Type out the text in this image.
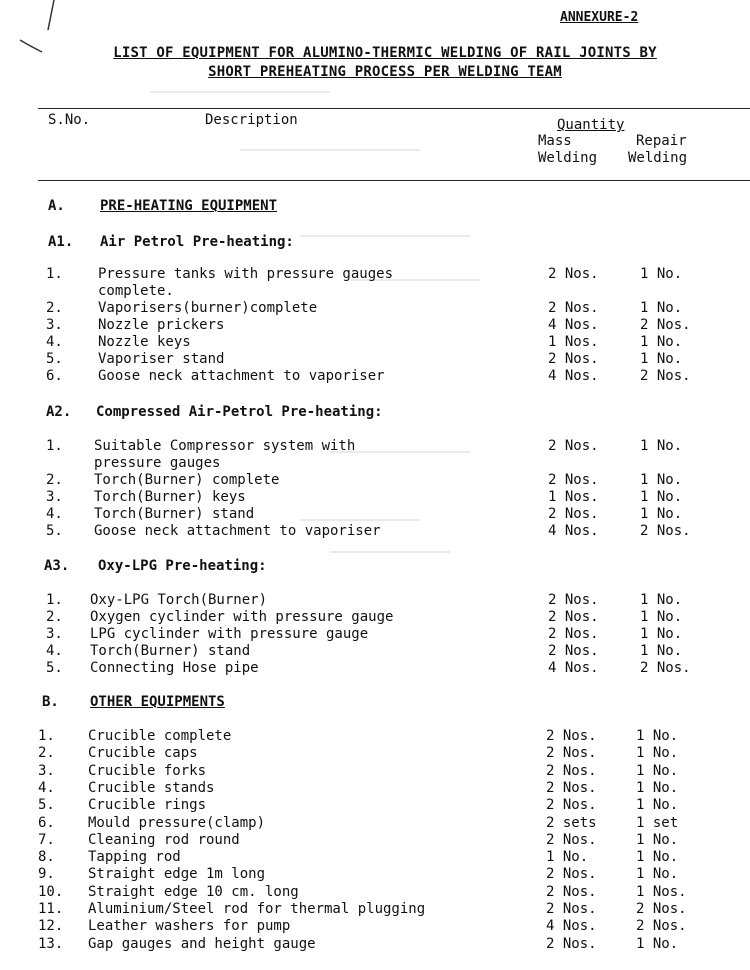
ANNEXURE-2
LIST OF EQUIPMENT FOR ALUMINO-THERMIC WELDING OF RAIL JOINTS BY
SHORT PREHEATING PROCESS PER WELDING TEAM
S.No.	Description	Quantity
Mass
Welding
Repair
Welding
A.	PRE-HEATING EQUIPMENT
A1. Air Petrol Pre-heating:
1.	Pressure tanks with pressure gauges	2 Nos.	1 No.
complete.
2.	Vaporisers(burner)complete	2 Nos.	1 No.
3.	Nozzle prickers	4 Nos.	2 Nos.
4.	Nozzle keys	1 Nos.	1 No.
5.	Vaporiser stand	2 Nos.	1 No.
6.	Goose neck attachment to vaporiser	4 Nos.	2 Nos.
A2. Compressed Air-Petrol Pre-heating:
1. Suitable Compressor system with	2 Nos.	1 No.
pressure gauges
2. Torch(Burner) complete	2 Nos.	1 No.
3. Torch(Burner) keys	1 Nos.	1 No.
4. Torch(Burner) stand	2 Nos.	1 No.
5. Goose neck attachment to vaporiser	4 Nos.	2 Nos.
A3. Oxy-LPG Pre-heating:
1. Oxy-LPG Torch(Burner)	2 Nos.	1 No.
2. Oxygen cyclinder with pressure gauge	2 Nos.	1 No.
3. LPG cyclinder with pressure gauge	2 Nos.	1 No.
4. Torch(Burner) stand	2 Nos.	1 No.
5. Connecting Hose pipe	4 Nos.	2 Nos.
B. OTHER EQUIPMENTS
1. Crucible complete	2 Nos.	1 No.
2. Crucible caps	2 Nos.	1 No.
3. Crucible forks	2 Nos.	1 No.
4. Crucible stands	2 Nos.	1 No.
5. Crucible rings	2 Nos.	1 No.
6. Mould pressure(clamp)	2 sets	1 set
7. Cleaning rod round	2 Nos.	1 No.
8. Tapping rod	1 No.	1 No.
9. Straight edge 1m long	2 Nos.	1 No.
10. Straight edge 10 cm. long	2 Nos.	1 Nos.
11. Aluminium/Steel rod for thermal plugging	2 Nos.	2 Nos.
12. Leather washers for pump	4 Nos.	2 Nos.
13. Gap gauges and height gauge	2 Nos.	1 No.
